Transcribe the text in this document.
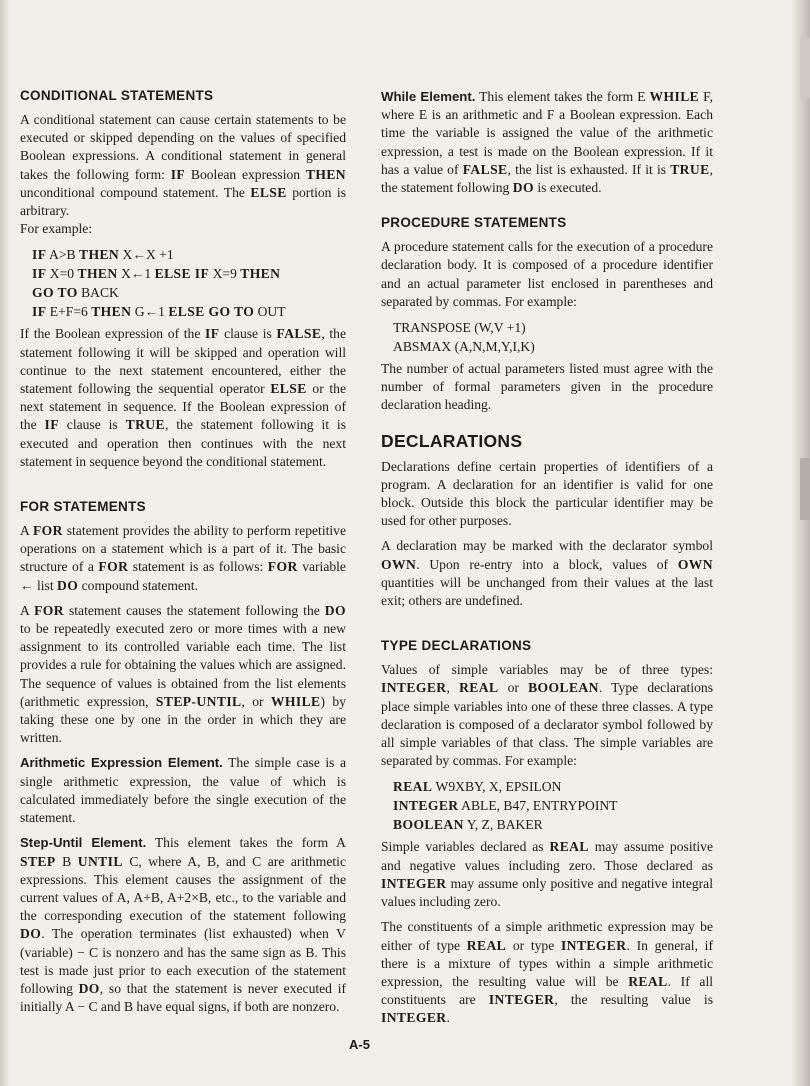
CONDITIONAL STATEMENTS

A conditional statement can cause certain statements to be executed or skipped depending on the values of specified Boolean expressions. A conditional statement in general takes the following form: IF Boolean expression THEN unconditional compound statement. The ELSE portion is arbitrary.
For example:

IF A>B THEN X←X +1
IF X=0 THEN X←1 ELSE IF X=9 THEN
GO TO BACK
IF E+F=6 THEN G←1 ELSE GO TO OUT

If the Boolean expression of the IF clause is FALSE, the statement following it will be skipped and operation will continue to the next statement encountered, either the statement following the sequential operator ELSE or the next statement in sequence. If the Boolean expression of the IF clause is TRUE, the statement following it is executed and operation then continues with the next statement in sequence beyond the conditional statement.

FOR STATEMENTS

A FOR statement provides the ability to perform repetitive operations on a statement which is a part of it. The basic structure of a FOR statement is as follows: FOR variable ← list DO compound statement.

A FOR statement causes the statement following the DO to be repeatedly executed zero or more times with a new assignment to its controlled variable each time. The list provides a rule for obtaining the values which are assigned. The sequence of values is obtained from the list elements (arithmetic expression, STEP-UNTIL, or WHILE) by taking these one by one in the order in which they are written.

Arithmetic Expression Element. The simple case is a single arithmetic expression, the value of which is calculated immediately before the single execution of the statement.

Step-Until Element. This element takes the form A STEP B UNTIL C, where A, B, and C are arithmetic expressions. This element causes the assignment of the current values of A, A+B, A+2×B, etc., to the variable and the corresponding execution of the statement following DO. The operation terminates (list exhausted) when V (variable) − C is nonzero and has the same sign as B. This test is made just prior to each execution of the statement following DO, so that the statement is never executed if initially A − C and B have equal signs, if both are nonzero.

While Element. This element takes the form E WHILE F, where E is an arithmetic and F a Boolean expression. Each time the variable is assigned the value of the arithmetic expression, a test is made on the Boolean expression. If it has a value of FALSE, the list is exhausted. If it is TRUE, the statement following DO is executed.

PROCEDURE STATEMENTS

A procedure statement calls for the execution of a procedure declaration body. It is composed of a procedure identifier and an actual parameter list enclosed in parentheses and separated by commas. For example:

TRANSPOSE (W,V +1)
ABSMAX (A,N,M,Y,I,K)

The number of actual parameters listed must agree with the number of formal parameters given in the procedure declaration heading.

DECLARATIONS

Declarations define certain properties of identifiers of a program. A declaration for an identifier is valid for one block. Outside this block the particular identifier may be used for other purposes.

A declaration may be marked with the declarator symbol OWN. Upon re-entry into a block, values of OWN quantities will be unchanged from their values at the last exit; others are undefined.

TYPE DECLARATIONS

Values of simple variables may be of three types: INTEGER, REAL or BOOLEAN. Type declarations place simple variables into one of these three classes. A type declaration is composed of a declarator symbol followed by all simple variables of that class. The simple variables are separated by commas. For example:

REAL W9XBY, X, EPSILON
INTEGER ABLE, B47, ENTRYPOINT
BOOLEAN Y, Z, BAKER

Simple variables declared as REAL may assume positive and negative values including zero. Those declared as INTEGER may assume only positive and negative integral values including zero.

The constituents of a simple arithmetic expression may be either of type REAL or type INTEGER. In general, if there is a mixture of types within a simple arithmetic expression, the resulting value will be REAL. If all constituents are INTEGER, the resulting value is INTEGER.

A-5
